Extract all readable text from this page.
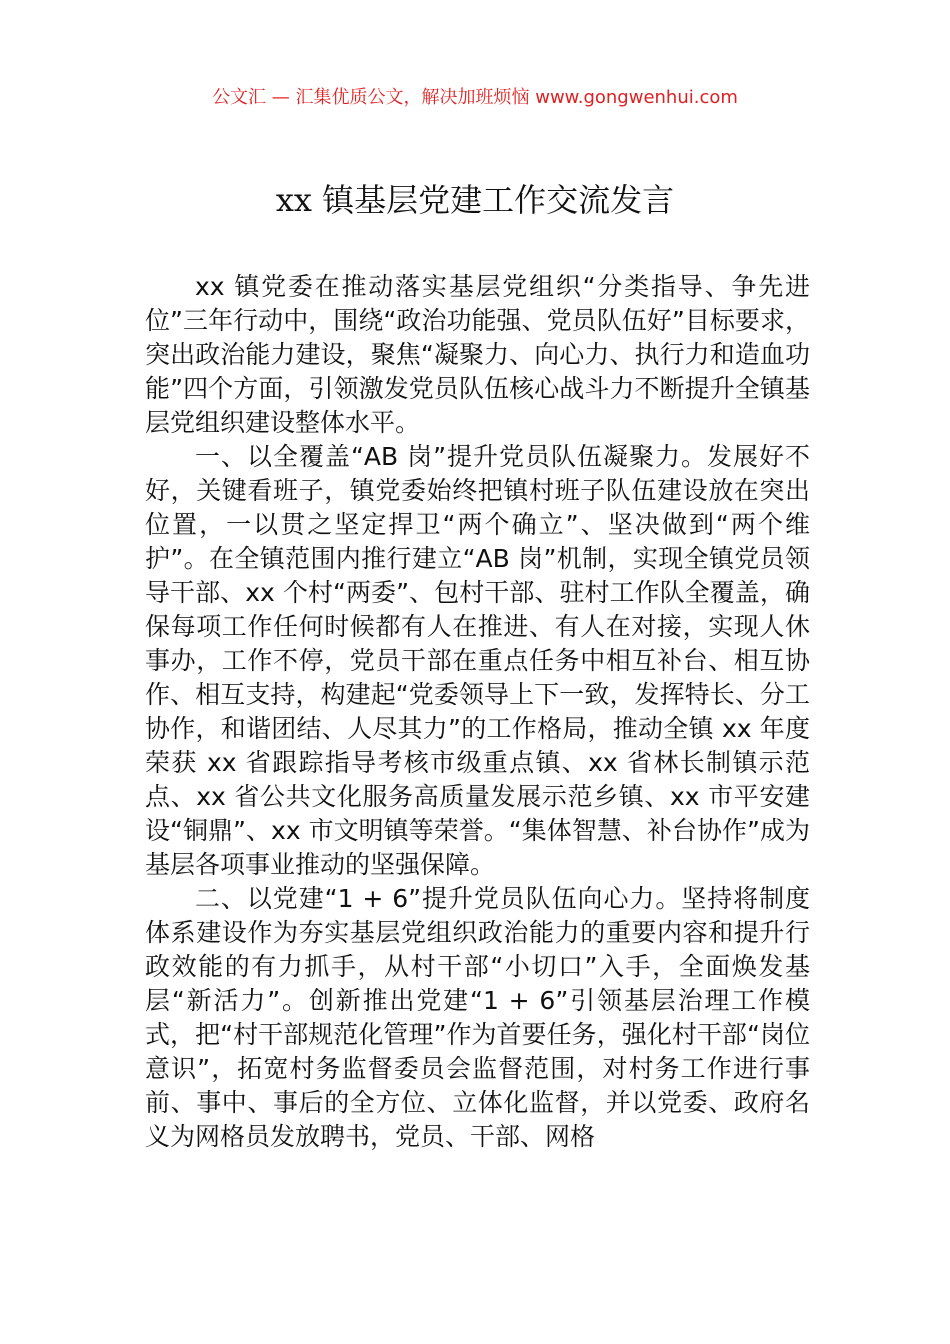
公文汇 — 汇集优质公文，解决加班烦恼 www.gongwenhui.com
xx 镇基层党建工作交流发言

xx 镇党委在推动落实基层党组织“分类指导、争先进位”三年行动中，围绕“政治功能强、党员队伍好”目标要求，突出政治能力建设，聚焦“凝聚力、向心力、执行力和造血功能”四个方面，引领激发党员队伍核心战斗力不断提升全镇基层党组织建设整体水平。

一、以全覆盖“AB 岗”提升党员队伍凝聚力。发展好不好，关键看班子，镇党委始终把镇村班子队伍建设放在突出位置，一以贯之坚定捍卫“两个确立”、坚决做到“两个维护”。在全镇范围内推行建立“AB 岗”机制，实现全镇党员领导干部、xx 个村“两委”、包村干部、驻村工作队全覆盖，确保每项工作任何时候都有人在推进、有人在对接，实现人休事办，工作不停，党员干部在重点任务中相互补台、相互协作、相互支持，构建起“党委领导上下一致，发挥特长、分工协作，和谐团结、人尽其力”的工作格局，推动全镇 xx 年度荣获 xx 省跟踪指导考核市级重点镇、xx 省林长制镇示范点、xx 省公共文化服务高质量发展示范乡镇、xx 市平安建设“铜鼎”、xx 市文明镇等荣誉。“集体智慧、补台协作”成为基层各项事业推动的坚强保障。

二、以党建“1 + 6”提升党员队伍向心力。坚持将制度体系建设作为夯实基层党组织政治能力的重要内容和提升行政效能的有力抓手，从村干部“小切口”入手，全面焕发基层“新活力”。创新推出党建“1 + 6”引领基层治理工作模式，把“村干部规范化管理”作为首要任务，强化村干部“岗位意识”，拓宽村务监督委员会监督范围，对村务工作进行事前、事中、事后的全方位、立体化监督，并以党委、政府名义为网格员发放聘书，党员、干部、网格
